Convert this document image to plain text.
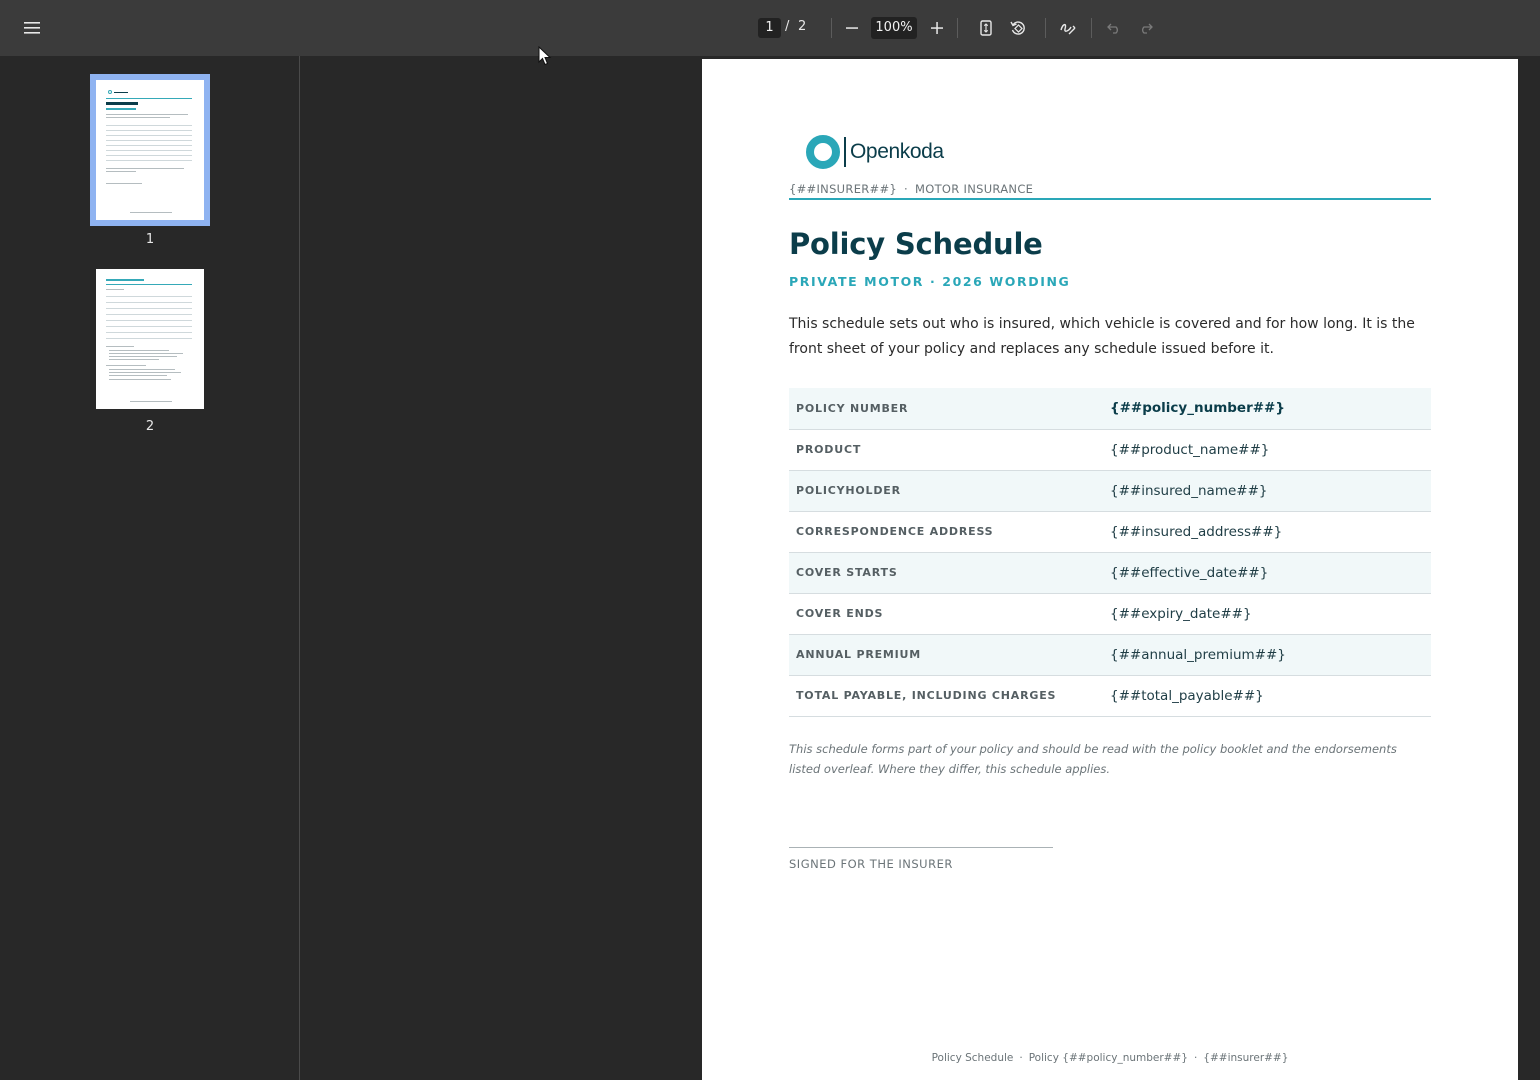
1 / 2	100%
1
2
Openkoda
{##INSURER##} · MOTOR INSURANCE
Policy Schedule
PRIVATE MOTOR · 2026 WORDING
This schedule sets out who is insured, which vehicle is covered and for how long. It is the front sheet of your policy and replaces any schedule issued before it.
POLICY NUMBER	{##policy_number##}
PRODUCT	{##product_name##}
POLICYHOLDER	{##insured_name##}
CORRESPONDENCE ADDRESS	{##insured_address##}
COVER STARTS	{##effective_date##}
COVER ENDS	{##expiry_date##}
ANNUAL PREMIUM	{##annual_premium##}
TOTAL PAYABLE, INCLUDING CHARGES	{##total_payable##}
This schedule forms part of your policy and should be read with the policy booklet and the endorsements listed overleaf. Where they differ, this schedule applies.
SIGNED FOR THE INSURER
Policy Schedule · Policy {##policy_number##} · {##insurer##}
